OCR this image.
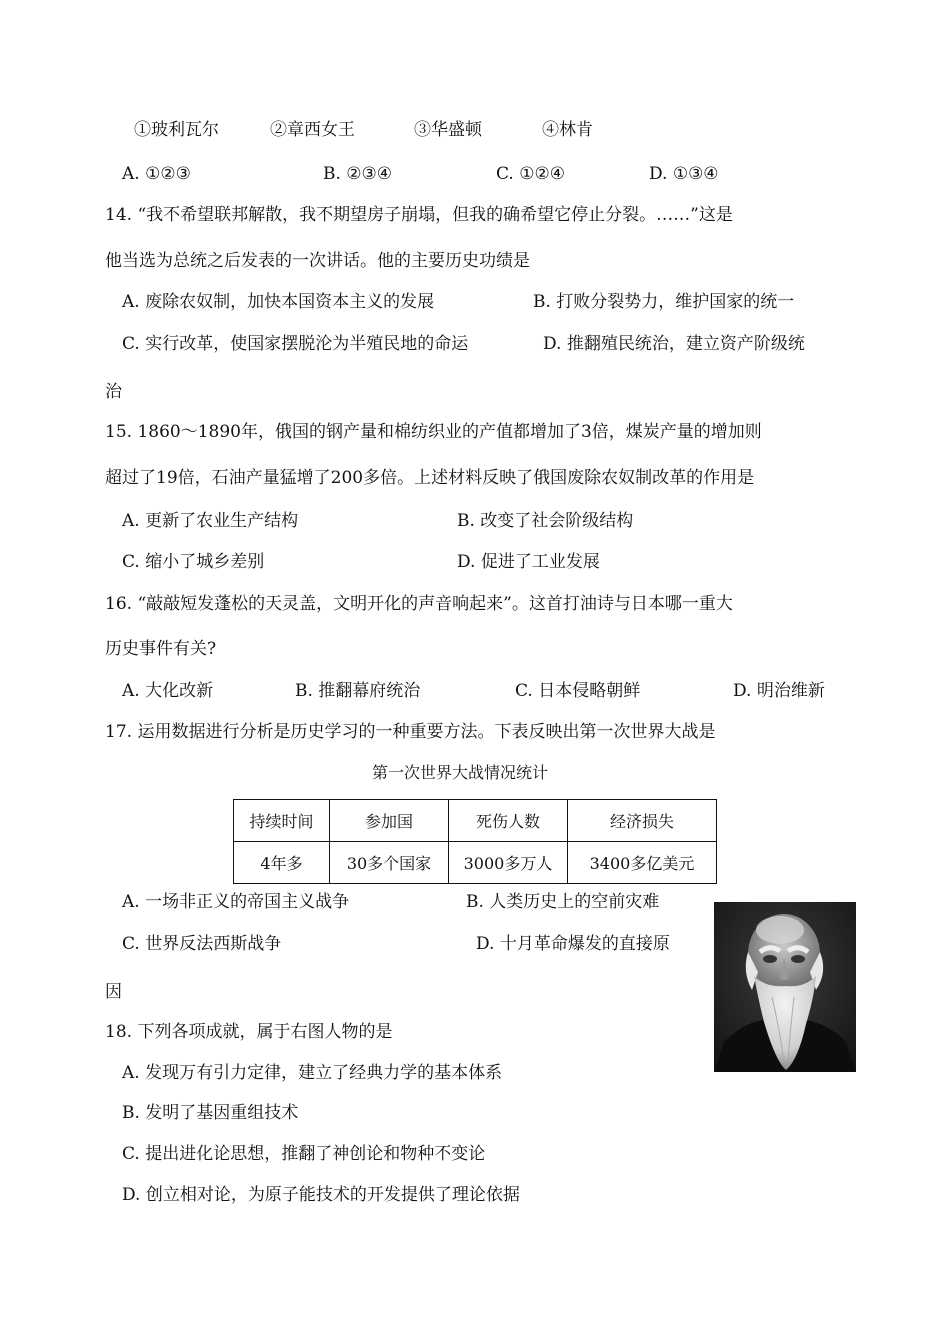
①玻利瓦尔	②章西女王	③华盛顿	④林肯
A. ①②③	B. ②③④	C. ①②④	D. ①③④
14. “我不希望联邦解散，我不期望房子崩塌，但我的确希望它停止分裂。……”这是
他当选为总统之后发表的一次讲话。他的主要历史功绩是
A. 废除农奴制，加快本国资本主义的发展	B. 打败分裂势力，维护国家的统一
C. 实行改革，使国家摆脱沦为半殖民地的命运	D. 推翻殖民统治，建立资产阶级统
治
15. 1860～1890年，俄国的钢产量和棉纺织业的产值都增加了3倍，煤炭产量的增加则
超过了19倍，石油产量猛增了200多倍。上述材料反映了俄国废除农奴制改革的作用是
A. 更新了农业生产结构	B. 改变了社会阶级结构
C. 缩小了城乡差别	D. 促进了工业发展
16. “敲敲短发蓬松的天灵盖，文明开化的声音响起来”。这首打油诗与日本哪一重大
历史事件有关?
A. 大化改新	B. 推翻幕府统治	C. 日本侵略朝鲜	D. 明治维新
17. 运用数据进行分析是历史学习的一种重要方法。下表反映出第一次世界大战是
第一次世界大战情况统计
持续时间	参加国	死伤人数	经济损失
4年多	30多个国家	3000多万人	3400多亿美元
A. 一场非正义的帝国主义战争	B. 人类历史上的空前灾难
C. 世界反法西斯战争	D. 十月革命爆发的直接原
因
18. 下列各项成就，属于右图人物的是
A. 发现万有引力定律，建立了经典力学的基本体系
B. 发明了基因重组技术
C. 提出进化论思想，推翻了神创论和物种不变论
D. 创立相对论，为原子能技术的开发提供了理论依据
